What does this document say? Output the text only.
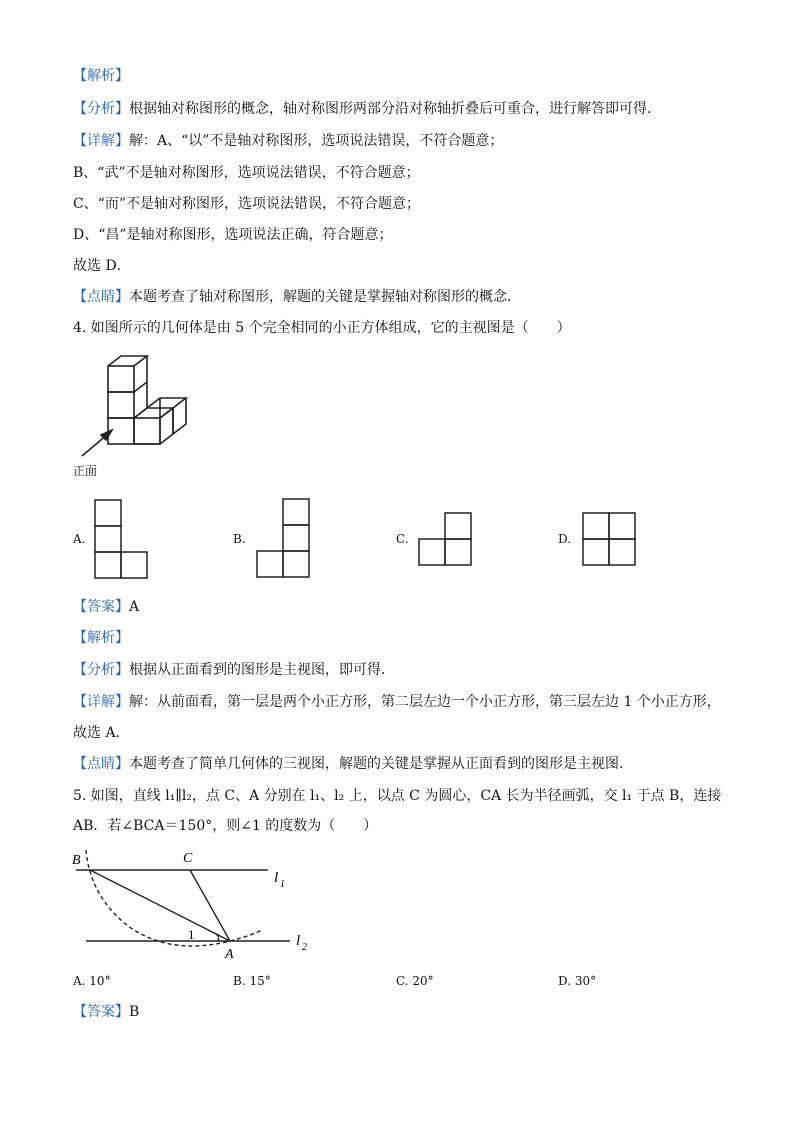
【解析】
【分析】根据轴对称图形的概念，轴对称图形两部分沿对称轴折叠后可重合，进行解答即可得．
【详解】解：A、“以”不是轴对称图形，选项说法错误，不符合题意；
B、“武”不是轴对称图形，选项说法错误，不符合题意；
C、“而”不是轴对称图形，选项说法错误，不符合题意；
D、“昌”是轴对称图形，选项说法正确，符合题意；
故选 D．
【点睛】本题考查了轴对称图形，解题的关键是掌握轴对称图形的概念．
4. 如图所示的几何体是由 5 个完全相同的小正方体组成，它的主视图是（　　）
正面
A.	B.	C.	D.
【答案】A
【解析】
【分析】根据从正面看到的图形是主视图，即可得．
【详解】解：从前面看，第一层是两个小正方形，第二层左边一个小正方形，第三层左边 1 个小正方形，
故选 A．
【点睛】本题考查了简单几何体的三视图，解题的关键是掌握从正面看到的图形是主视图．
5. 如图，直线 l₁∥l₂，点 C、A 分别在 l₁、l₂ 上，以点 C 为圆心，CA 长为半径画弧，交 l₁ 于点 B，连接
AB．若∠BCA＝150°，则∠1 的度数为（　　）
B	C
A
1
l 1
l 2
A. 10°	B. 15°	C. 20°	D. 30°
【答案】B
